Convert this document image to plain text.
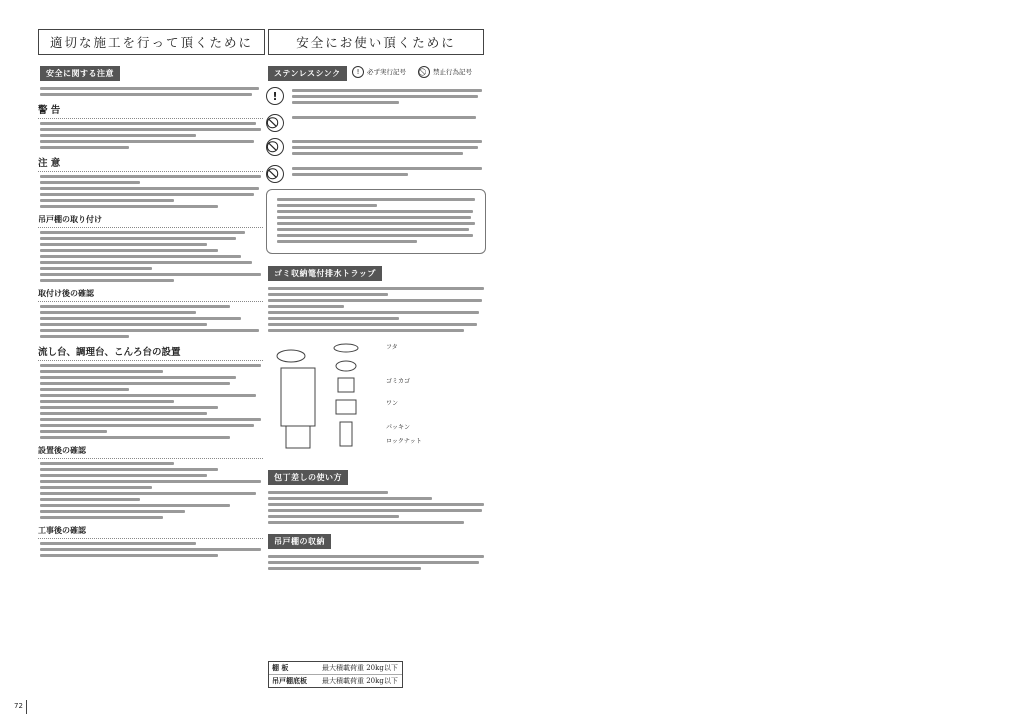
適切な施工を行って頂くために
安全に関する注意
警 告
注 意
吊戸棚の取り付け
取付け後の確認
流し台、調理台、こんろ台の設置
設置後の確認
工事後の確認
72
安全にお使い頂くために
ステンレスシンク
!
ゴミ収納篭付排水トラップ
フタ
ゴミカゴ
ワン
パッキン
ロックナット
包丁差しの使い方
吊戸棚の収納
! 必ず実行記号	禁止行為記号
棚 板	最大積載荷重 20kg以下
吊戸棚底板	最大積載荷重 20kg以下
